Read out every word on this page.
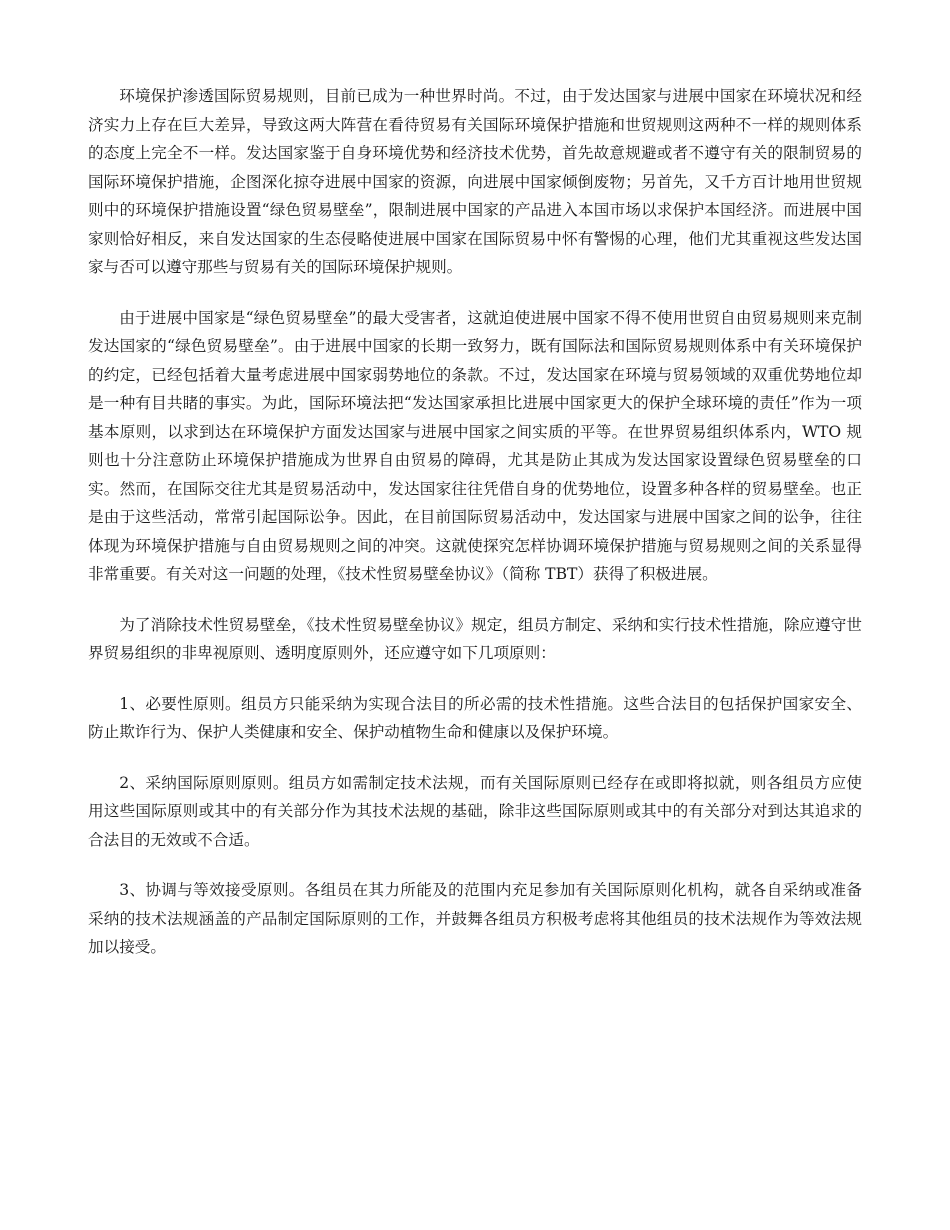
环境保护渗透国际贸易规则，目前已成为一种世界时尚。不过，由于发达国家与进展中国家在环境状况和经济实力上存在巨大差异，导致这两大阵营在看待贸易有关国际环境保护措施和世贸规则这两种不一样的规则体系的态度上完全不一样。发达国家鉴于自身环境优势和经济技术优势，首先故意规避或者不遵守有关的限制贸易的国际环境保护措施，企图深化掠夺进展中国家的资源，向进展中国家倾倒废物；另首先，又千方百计地用世贸规则中的环境保护措施设置“绿色贸易壁垒”，限制进展中国家的产品进入本国市场以求保护本国经济。而进展中国家则恰好相反，来自发达国家的生态侵略使进展中国家在国际贸易中怀有警惕的心理，他们尤其重视这些发达国家与否可以遵守那些与贸易有关的国际环境保护规则。

由于进展中国家是“绿色贸易壁垒”的最大受害者，这就迫使进展中国家不得不使用世贸自由贸易规则来克制发达国家的“绿色贸易壁垒”。由于进展中国家的长期一致努力，既有国际法和国际贸易规则体系中有关环境保护的约定，已经包括着大量考虑进展中国家弱势地位的条款。不过，发达国家在环境与贸易领域的双重优势地位却是一种有目共睹的事实。为此，国际环境法把“发达国家承担比进展中国家更大的保护全球环境的责任”作为一项基本原则，以求到达在环境保护方面发达国家与进展中国家之间实质的平等。在世界贸易组织体系内，WTO 规则也十分注意防止环境保护措施成为世界自由贸易的障碍，尤其是防止其成为发达国家设置绿色贸易壁垒的口实。然而，在国际交往尤其是贸易活动中，发达国家往往凭借自身的优势地位，设置多种各样的贸易壁垒。也正是由于这些活动，常常引起国际讼争。因此，在目前国际贸易活动中，发达国家与进展中国家之间的讼争，往往体现为环境保护措施与自由贸易规则之间的冲突。这就使探究怎样协调环境保护措施与贸易规则之间的关系显得非常重要。有关对这一问题的处理，《技术性贸易壁垒协议》（简称 TBT）获得了积极进展。

为了消除技术性贸易壁垒，《技术性贸易壁垒协议》规定，组员方制定、采纳和实行技术性措施，除应遵守世界贸易组织的非卑视原则、透明度原则外，还应遵守如下几项原则：

1、必要性原则。组员方只能采纳为实现合法目的所必需的技术性措施。这些合法目的包括保护国家安全、防止欺诈行为、保护人类健康和安全、保护动植物生命和健康以及保护环境。

2、采纳国际原则原则。组员方如需制定技术法规，而有关国际原则已经存在或即将拟就，则各组员方应使用这些国际原则或其中的有关部分作为其技术法规的基础，除非这些国际原则或其中的有关部分对到达其追求的合法目的无效或不合适。

3、协调与等效接受原则。各组员在其力所能及的范围内充足参加有关国际原则化机构，就各自采纳或准备采纳的技术法规涵盖的产品制定国际原则的工作，并鼓舞各组员方积极考虑将其他组员的技术法规作为等效法规加以接受。
